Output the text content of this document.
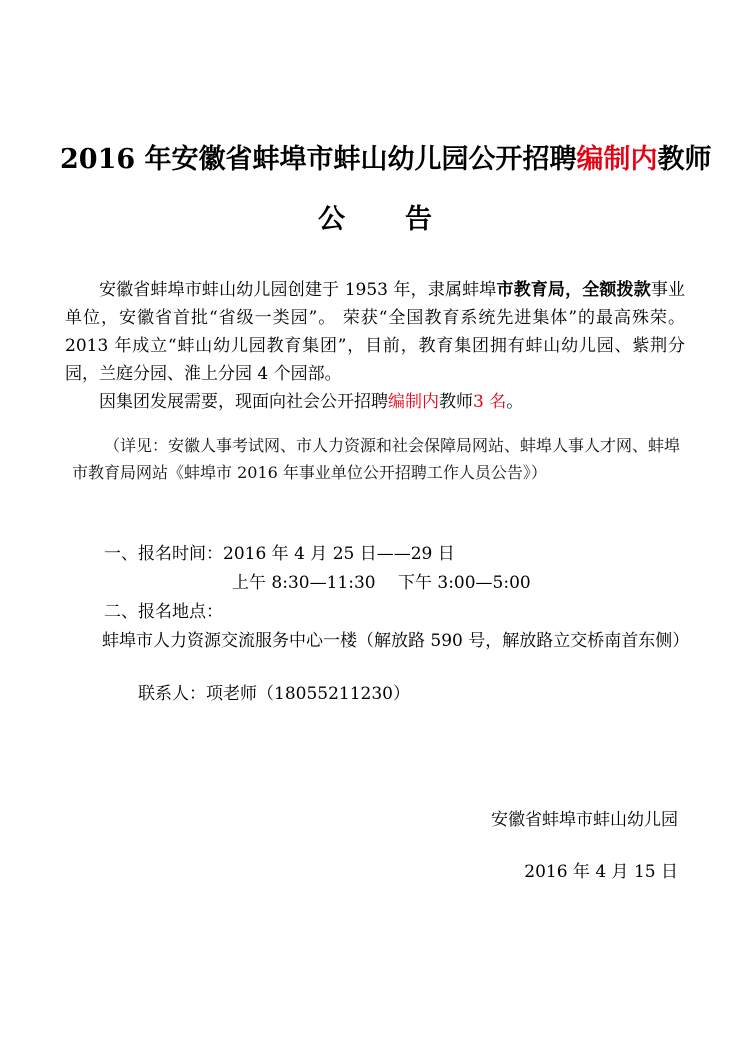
2016 年安徽省蚌埠市蚌山幼儿园公开招聘编制内教师
公告

安徽省蚌埠市蚌山幼儿园创建于 1953 年，隶属蚌埠市教育局，全额拨款事业单位，安徽省首批“省级一类园”。 荣获“全国教育系统先进集体”的最高殊荣。2013 年成立“蚌山幼儿园教育集团”，目前，教育集团拥有蚌山幼儿园、紫荆分园，兰庭分园、淮上分园 4 个园部。

因集团发展需要，现面向社会公开招聘编制内教师3 名。

（详见：安徽人事考试网、市人力资源和社会保障局网站、蚌埠人事人才网、蚌埠市教育局网站《蚌埠市 2016 年事业单位公开招聘工作人员公告》）

一、报名时间：2016 年 4 月 25 日——29 日
上午 8:30—11:30　 下午 3:00—5:00
二、报名地点：

蚌埠市人力资源交流服务中心一楼（解放路 590 号，解放路立交桥南首东侧）

联系人：项老师（18055211230）
安徽省蚌埠市蚌山幼儿园
2016 年 4 月 15 日
